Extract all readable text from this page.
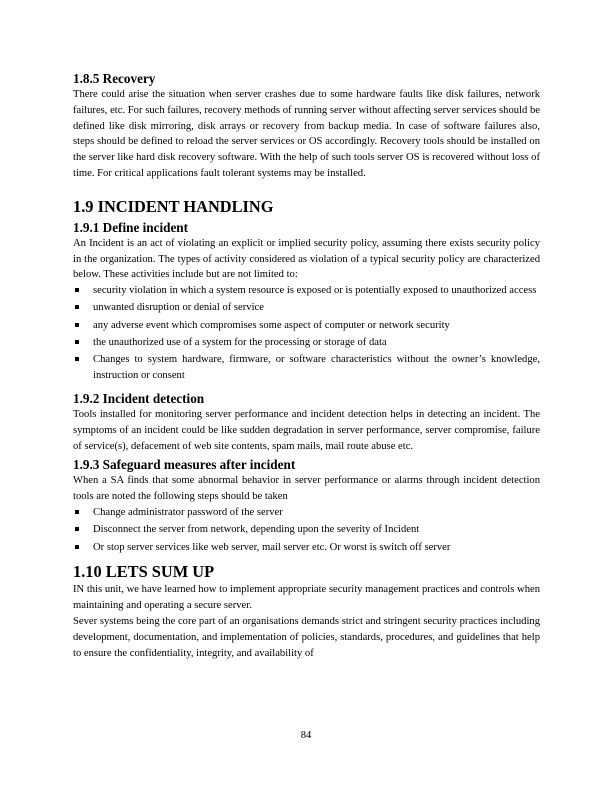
1.8.5 Recovery

There could arise the situation when server crashes due to some hardware faults like disk failures, network failures, etc. For such failures, recovery methods of running server without affecting server services should be defined like disk mirroring, disk arrays or recovery from backup media. In case of software failures also, steps should be defined to reload the server services or OS accordingly. Recovery tools should be installed on the server like hard disk recovery software. With the help of such tools server OS is recovered without loss of time. For critical applications fault tolerant systems may be installed.

1.9 INCIDENT HANDLING
1.9.1 Define incident

An Incident is an act of violating an explicit or implied security policy, assuming there exists security policy in the organization. The types of activity considered as violation of a typical security policy are characterized below. These activities include but are not limited to:

security violation in which a system resource is exposed or is potentially exposed to unauthorized access
unwanted disruption or denial of service
any adverse event which compromises some aspect of computer or network security
the unauthorized use of a system for the processing or storage of data
Changes to system hardware, firmware, or software characteristics without the owner’s knowledge, instruction or consent
1.9.2 Incident detection

Tools installed for monitoring server performance and incident detection helps in detecting an incident. The symptoms of an incident could be like sudden degradation in server performance, server compromise, failure of service(s), defacement of web site contents, spam mails, mail route abuse etc.

1.9.3 Safeguard measures after incident

When a SA finds that some abnormal behavior in server performance or alarms through incident detection tools are noted the following steps should be taken

Change administrator password of the server
Disconnect the server from network, depending upon the severity of Incident
Or stop server services like web server, mail server etc. Or worst is switch off server
1.10 LETS SUM UP

IN this unit, we have learned how to implement appropriate security management practices and controls when maintaining and operating a secure server.

Sever systems being the core part of an organisations demands strict and stringent security practices including development, documentation, and implementation of policies, standards, procedures, and guidelines that help to ensure the confidentiality, integrity, and availability of

84
